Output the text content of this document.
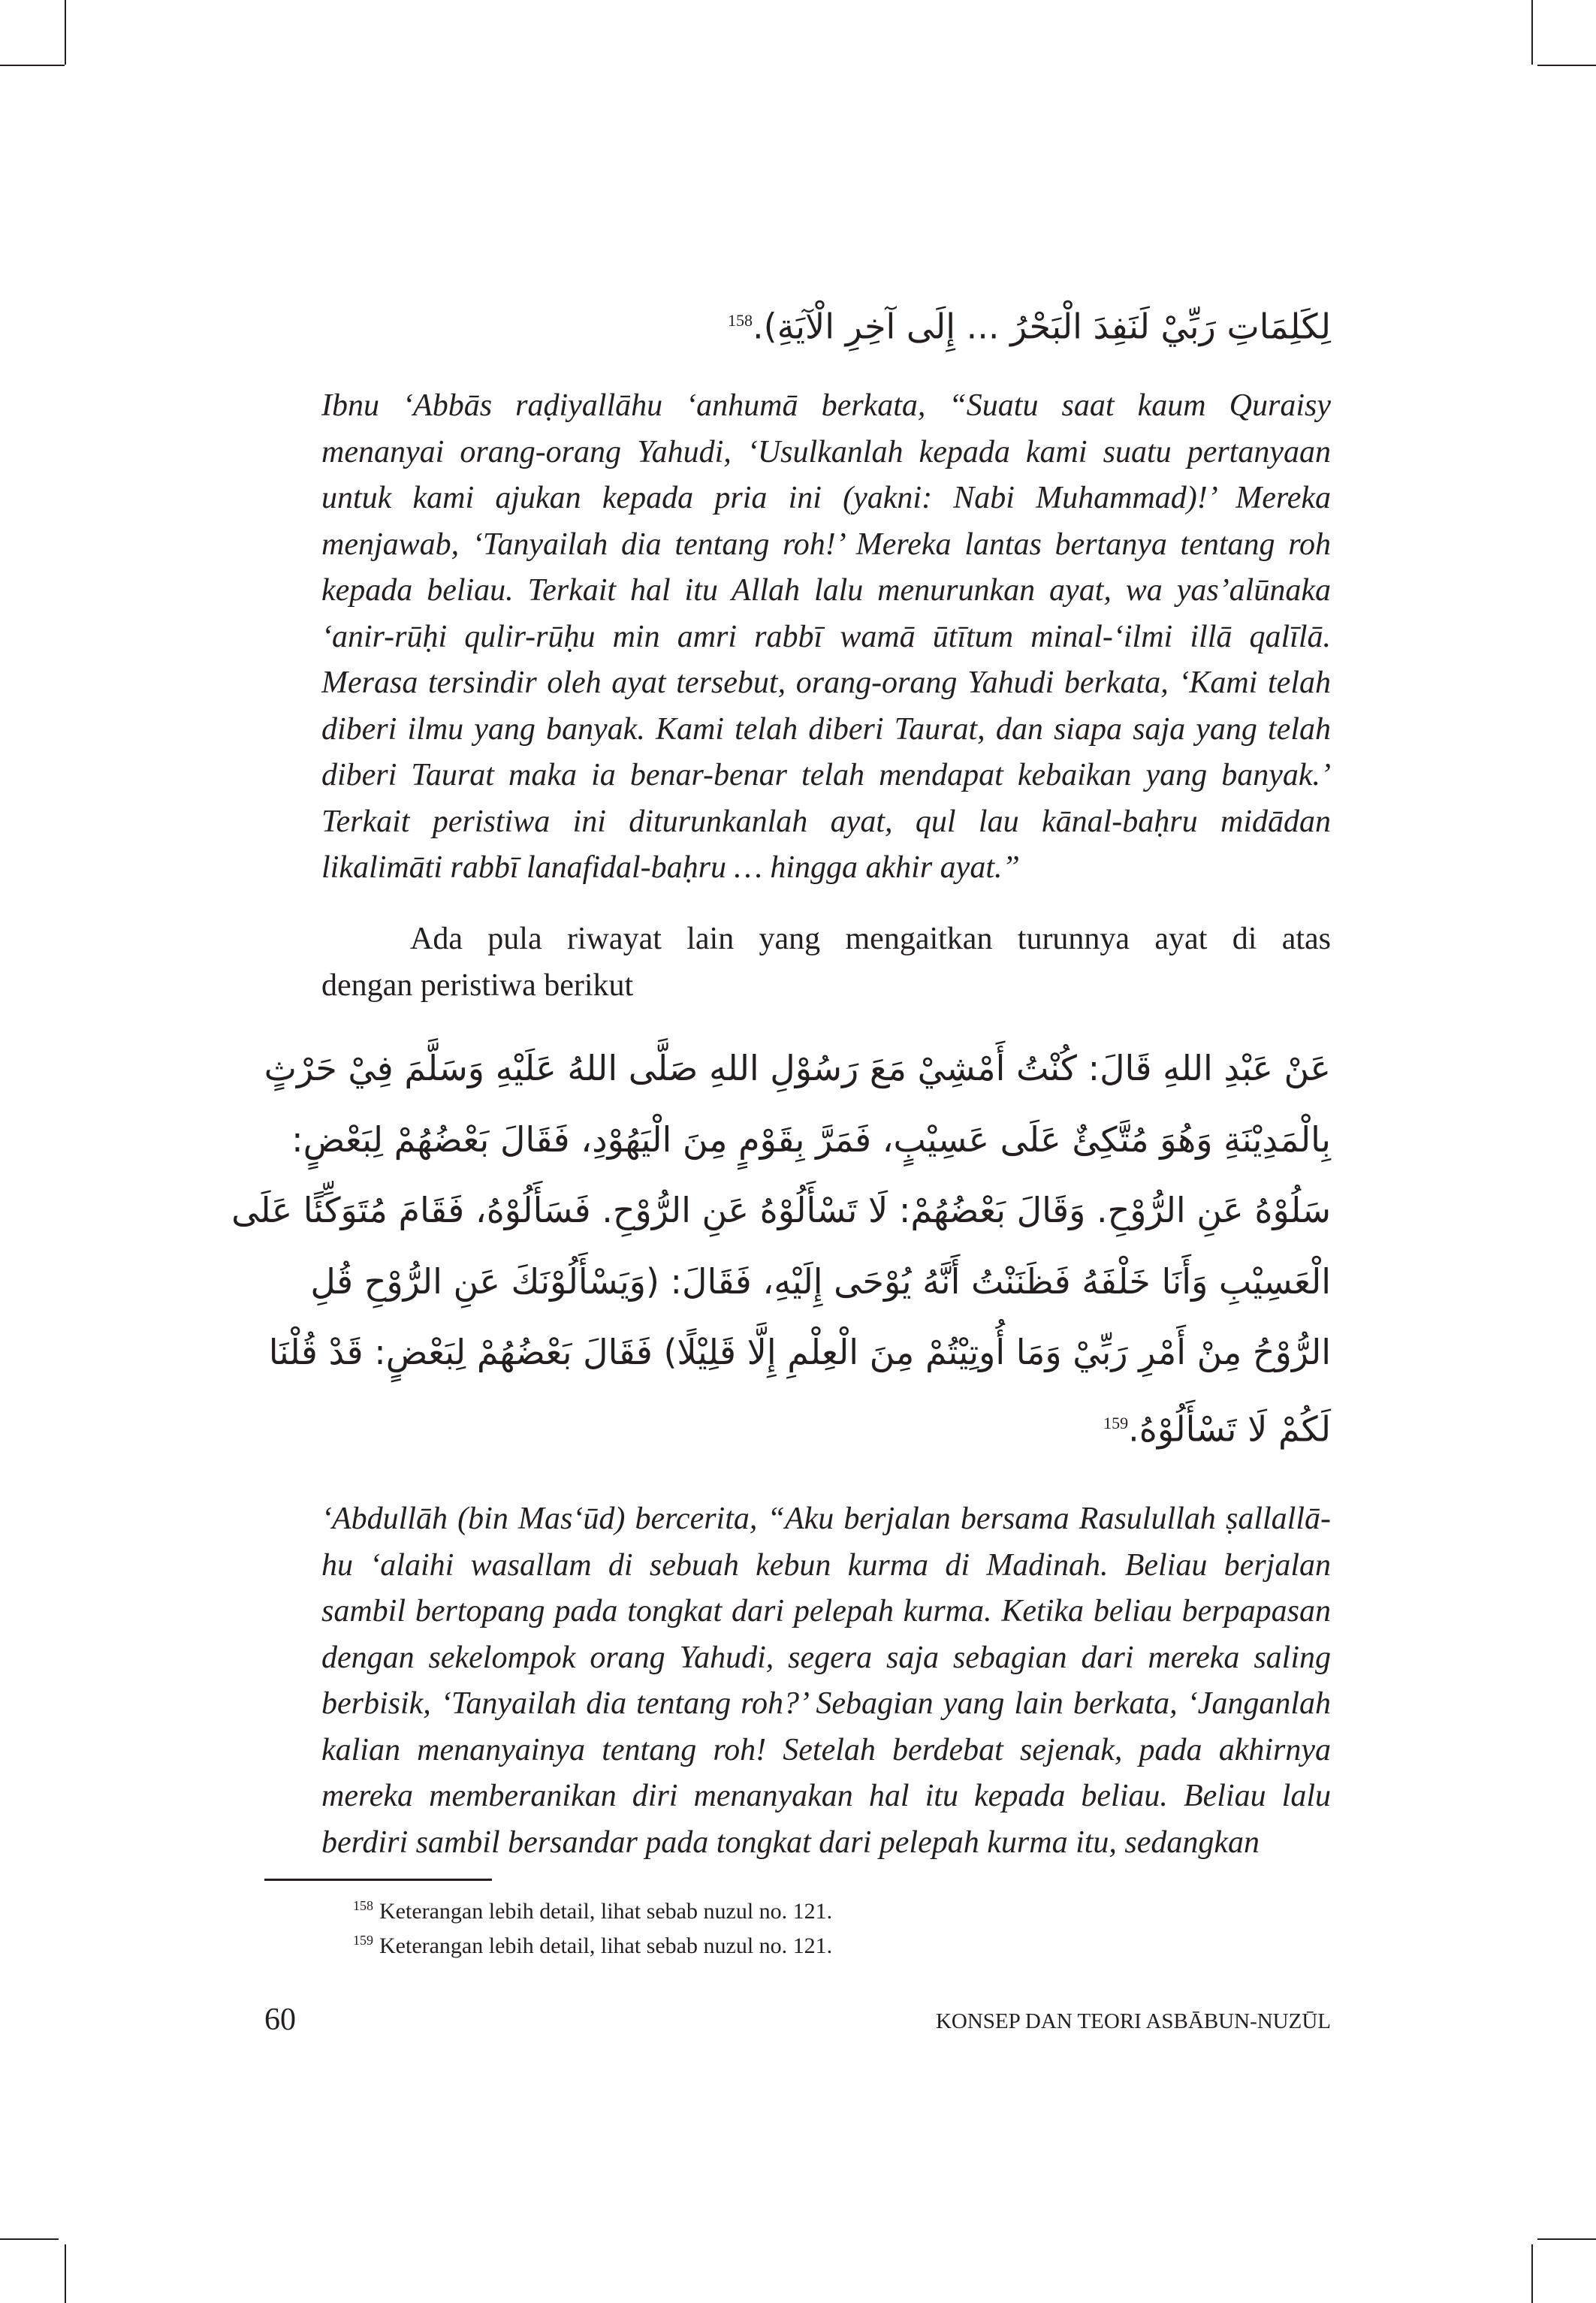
لِكَلِمَاتِ رَبِّيْ لَنَفِدَ الْبَحْرُ ... إِلَى آخِرِ الْآيَةِ).$^{158}$
Ibnu ‘Abbās raḍiyallāhu ‘anhumā berkata, “Suatu saat kaum Quraisy
menanyai orang-orang Yahudi, ‘Usulkanlah kepada kami suatu pertanyaan
untuk kami ajukan kepada pria ini (yakni: Nabi Muhammad)!’ Mereka
menjawab, ‘Tanyailah dia tentang roh!’ Mereka lantas bertanya tentang roh
kepada beliau. Terkait hal itu Allah lalu menurunkan ayat, wa yas’alūnaka
‘anir-rūḥi qulir-rūḥu min amri rabbī wamā ūtītum minal-‘ilmi illā qalīlā.
Merasa tersindir oleh ayat tersebut, orang-orang Yahudi berkata, ‘Kami telah
diberi ilmu yang banyak. Kami telah diberi Taurat, dan siapa saja yang telah
diberi Taurat maka ia benar-benar telah mendapat kebaikan yang banyak.’
Terkait peristiwa ini diturunkanlah ayat, qul lau kānal-baḥru midādan
likalimāti rabbī lanafidal-baḥru … hingga akhir ayat.”
Ada pula riwayat lain yang mengaitkan turunnya ayat di atas
dengan peristiwa berikut
عَنْ عَبْدِ اللهِ قَالَ: كُنْتُ أَمْشِيْ مَعَ رَسُوْلِ اللهِ صَلَّى اللهُ عَلَيْهِ وَسَلَّمَ فِيْ حَرْثٍ
بِالْمَدِيْنَةِ وَهُوَ مُتَّكِئٌ عَلَى عَسِيْبٍ، فَمَرَّ بِقَوْمٍ مِنَ الْيَهُوْدِ، فَقَالَ بَعْضُهُمْ لِبَعْضٍ:
سَلُوْهُ عَنِ الرُّوْحِ. وَقَالَ بَعْضُهُمْ: لَا تَسْأَلُوْهُ عَنِ الرُّوْحِ. فَسَأَلُوْهُ، فَقَامَ مُتَوَكِّئًا عَلَى
الْعَسِيْبِ وَأَنَا خَلْفَهُ فَظَنَنْتُ أَنَّهُ يُوْحَى إِلَيْهِ، فَقَالَ: (وَيَسْأَلُوْنَكَ عَنِ الرُّوْحِ قُلِ
الرُّوْحُ مِنْ أَمْرِ رَبِّيْ وَمَا أُوتِيْتُمْ مِنَ الْعِلْمِ إِلَّا قَلِيْلًا) فَقَالَ بَعْضُهُمْ لِبَعْضٍ: قَدْ قُلْنَا
لَكُمْ لَا تَسْأَلُوْهُ.$^{159}$
‘Abdullāh (bin Mas‘ūd) bercerita, “Aku berjalan bersama Rasulullah ṣallallā-
hu ‘alaihi wasallam di sebuah kebun kurma di Madinah. Beliau berjalan
sambil bertopang pada tongkat dari pelepah kurma. Ketika beliau berpapasan
dengan sekelompok orang Yahudi, segera saja sebagian dari mereka saling
berbisik, ‘Tanyailah dia tentang roh?’ Sebagian yang lain berkata, ‘Janganlah
kalian menanyainya tentang roh! Setelah berdebat sejenak, pada akhirnya
mereka memberanikan diri menanyakan hal itu kepada beliau. Beliau lalu
berdiri sambil bersandar pada tongkat dari pelepah kurma itu, sedangkan
$^{158}$ Keterangan lebih detail, lihat sebab nuzul no. 121.
$^{159}$ Keterangan lebih detail, lihat sebab nuzul no. 121.
60	KONSEP DAN TEORI ASBĀBUN-NUZŪL
